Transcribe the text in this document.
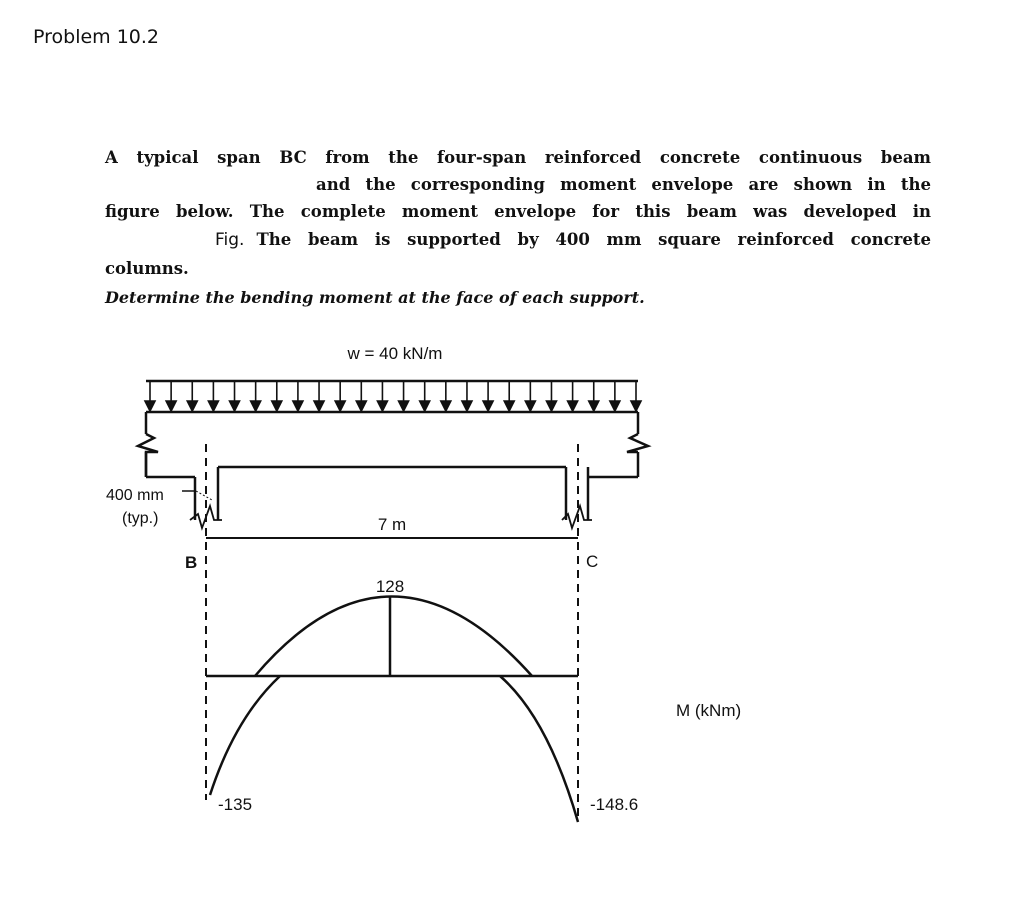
Problem 10.2
A typical span BC from the four-span reinforced concrete continuous beam
and the corresponding moment envelope are shown in the
figure below. The complete moment envelope for this beam was developed in
Fig. The beam is supported by 400 mm square reinforced concrete
columns.
Determine the bending moment at the face of each support.
w = 40 kN/m
400 mm
(typ.)	7 m
B	C
128
-135	-148.6
M (kNm)
